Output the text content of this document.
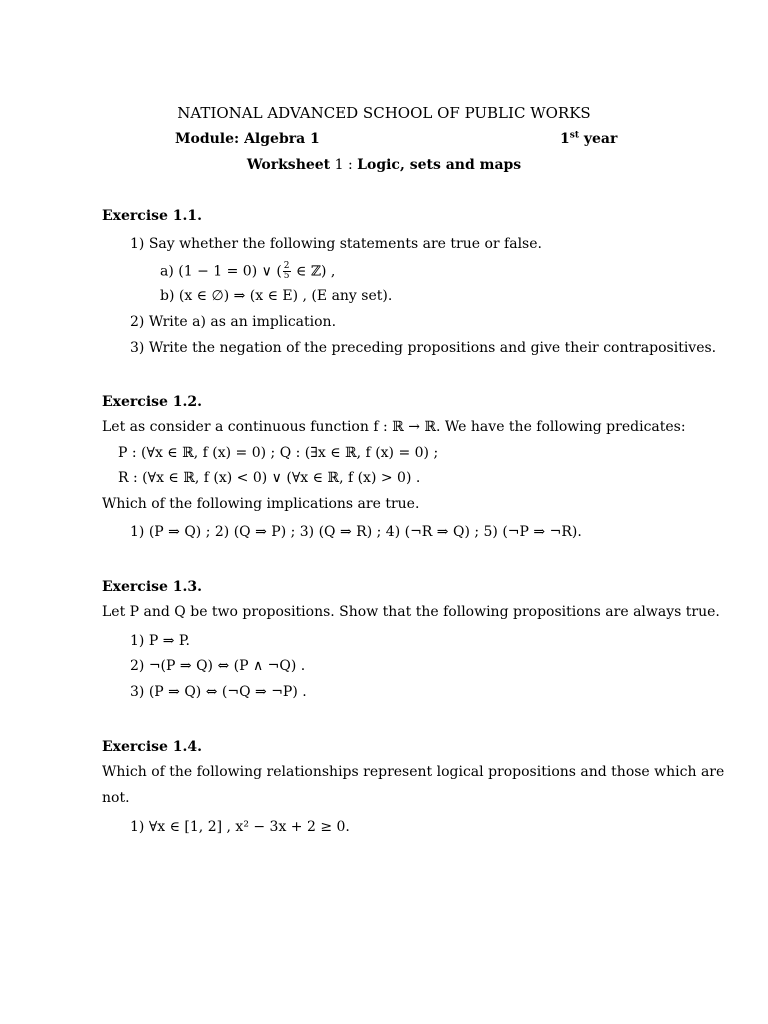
NATIONAL ADVANCED SCHOOL OF PUBLIC WORKS
Module: Algebra 1	1st year
Worksheet 1 : Logic, sets and maps
Exercise 1.1.
1) Say whether the following statements are true or false.
a) (1 − 1 = 0) ∨ ( $\frac{2}{5}$ ∈ ℤ) ,
b) (x ∈ ∅) ⇒ (x ∈ E) , (E any set).
2) Write a) as an implication.
3) Write the negation of the preceding propositions and give their contrapositives.
Exercise 1.2.
Let as consider a continuous function f : ℝ → ℝ. We have the following predicates:
P : (∀x ∈ ℝ, f (x) = 0) ; Q : (∃x ∈ ℝ, f (x) = 0) ;
R : (∀x ∈ ℝ, f (x) < 0) ∨ (∀x ∈ ℝ, f (x) > 0) .
Which of the following implications are true.
1) (P ⇒ Q) ; 2) (Q ⇒ P) ; 3) (Q ⇒ R) ; 4) (¬R ⇒ Q) ; 5) (¬P ⇒ ¬R).
Exercise 1.3.
Let P and Q be two propositions. Show that the following propositions are always true.
1) P ⇒ P.
2) ¬(P ⇒ Q) ⇔ (P ∧ ¬Q) .
3) (P ⇒ Q) ⇔ (¬Q ⇒ ¬P) .
Exercise 1.4.
Which of the following relationships represent logical propositions and those which are
not.
1) ∀x ∈ [1, 2] , x² − 3x + 2 ≥ 0.
